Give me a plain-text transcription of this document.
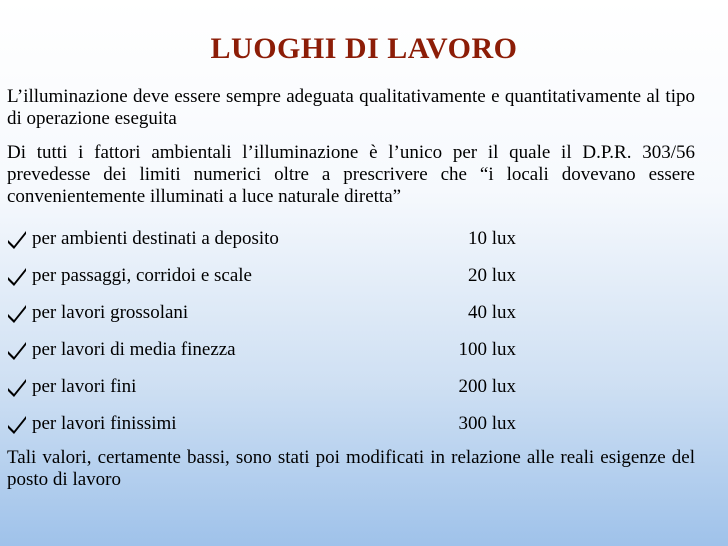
LUOGHI DI LAVORO
L’illuminazione deve essere sempre adeguata qualitativamente e quantitativamente al tipo di operazione eseguita
Di tutti i fattori ambientali l’illuminazione è l’unico per il quale il D.P.R. 303/56 prevedesse dei limiti numerici oltre a prescrivere che “i locali dovevano essere convenientemente illuminati a luce naturale diretta”
per ambienti destinati a deposito	10 lux
per passaggi, corridoi e scale	20 lux
per lavori grossolani	40 lux
per lavori di media finezza	100 lux
per lavori fini	200 lux
per lavori finissimi	300 lux
Tali valori, certamente bassi, sono stati poi modificati in relazione alle reali esigenze del posto di lavoro
